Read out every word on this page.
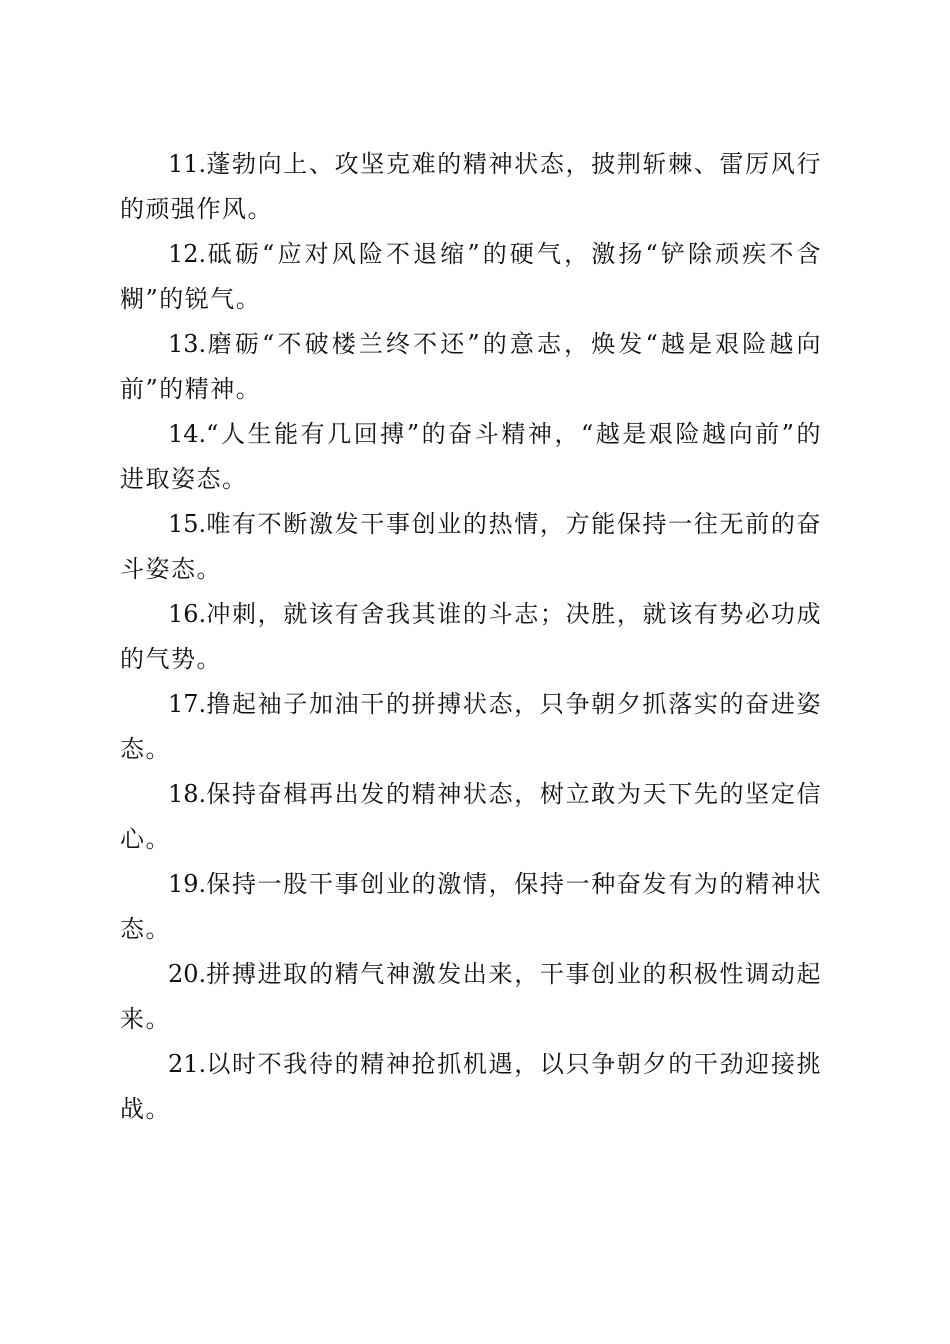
11.蓬勃向上、攻坚克难的精神状态，披荆斩棘、雷厉风行的顽强作风。

12.砥砺“应对风险不退缩”的硬气，激扬“铲除顽疾不含糊”的锐气。

13.磨砺“不破楼兰终不还”的意志，焕发“越是艰险越向前”的精神。

14.“人生能有几回搏”的奋斗精神，“越是艰险越向前”的进取姿态。

15.唯有不断激发干事创业的热情，方能保持一往无前的奋斗姿态。

16.冲刺，就该有舍我其谁的斗志；决胜，就该有势必功成的气势。

17.撸起袖子加油干的拼搏状态，只争朝夕抓落实的奋进姿态。

18.保持奋楫再出发的精神状态，树立敢为天下先的坚定信心。

19.保持一股干事创业的激情，保持一种奋发有为的精神状态。

20.拼搏进取的精气神激发出来，干事创业的积极性调动起来。

21.以时不我待的精神抢抓机遇，以只争朝夕的干劲迎接挑战。
